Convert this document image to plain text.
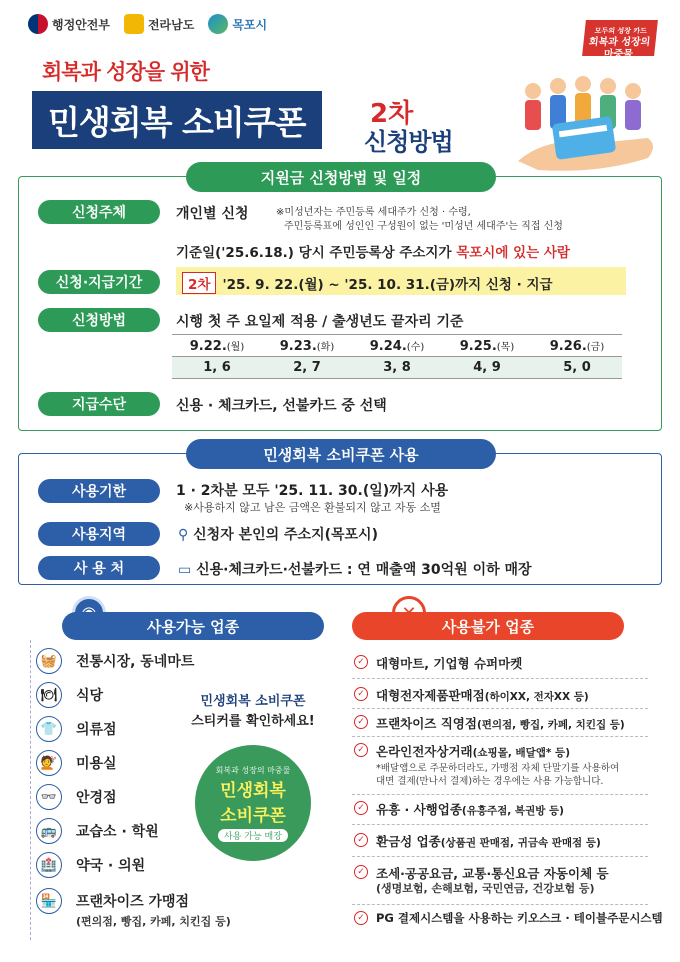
행정안전부	전라남도	목포시	모두의 성장 카드
회복과 성장의 마중물
회복과 성장을 위한
민생회복 소비쿠폰	2차
신청방법
지원금 신청방법 및 일정
신청주체	개인별 신청	※미성년자는 주민등록 세대주가 신청 · 수령,
주민등록표에 성인인 구성원이 없는 '미성년 세대주'는 직접 신청
기준일('25.6.18.) 당시 주민등록상 주소지가 목포시에 있는 사람
신청·지급기간	2차 '25. 9. 22.(월) ~ '25. 10. 31.(금)까지 신청 · 지급
신청방법	시행 첫 주 요일제 적용 / 출생년도 끝자리 기준
9.22.(월)	9.23.(화)	9.24.(수)	9.25.(목)	9.26.(금)
1, 6	2, 7	3, 8	4, 9	5, 0
지급수단	신용 · 체크카드, 선불카드 중 선택
민생회복 소비쿠폰 사용
사용기한	1 · 2차분 모두 '25. 11. 30.(일)까지 사용
※사용하지 않고 남은 금액은 환불되지 않고 자동 소멸
사용지역	⚲ 신청자 본인의 주소지(목포시)
사 용 처	▭ 신용·체크카드·선불카드 : 연 매출액 30억원 이하 매장
사용가능 업종
🧺	전통시장, 동네마트
🍽	식당
👕	의류점
💇	미용실
👓	안경점
🚌	교습소 · 학원
🏥	약국 · 의원
🏪	프랜차이즈 가맹점
(편의점, 빵집, 카페, 치킨집 등)
민생회복 소비쿠폰
스티커를 확인하세요!
회복과 성장의 마중물
민생회복
소비쿠폰
사용 가능 매장
사용불가 업종
✓ 대형마트, 기업형 슈퍼마켓
✓ 대형전자제품판매점(하이XX, 전자XX 등)
✓ 프랜차이즈 직영점(편의점, 빵집, 카페, 치킨집 등)
✓ 온라인전자상거래(쇼핑몰, 배달앱* 등)
*배달앱으로 주문하더라도, 가맹점 자체 단말기를 사용하여
대면 결제(만나서 결제)하는 경우에는 사용 가능합니다.
✓ 유흥 · 사행업종(유흥주점, 복권방 등)
✓ 환금성 업종(상품권 판매점, 귀금속 판매점 등)
✓ 조세·공공요금, 교통·통신요금 자동이체 등
(생명보험, 손해보험, 국민연금, 건강보험 등)
✓ PG 결제시스템을 사용하는 키오스크 · 테이블주문시스템
